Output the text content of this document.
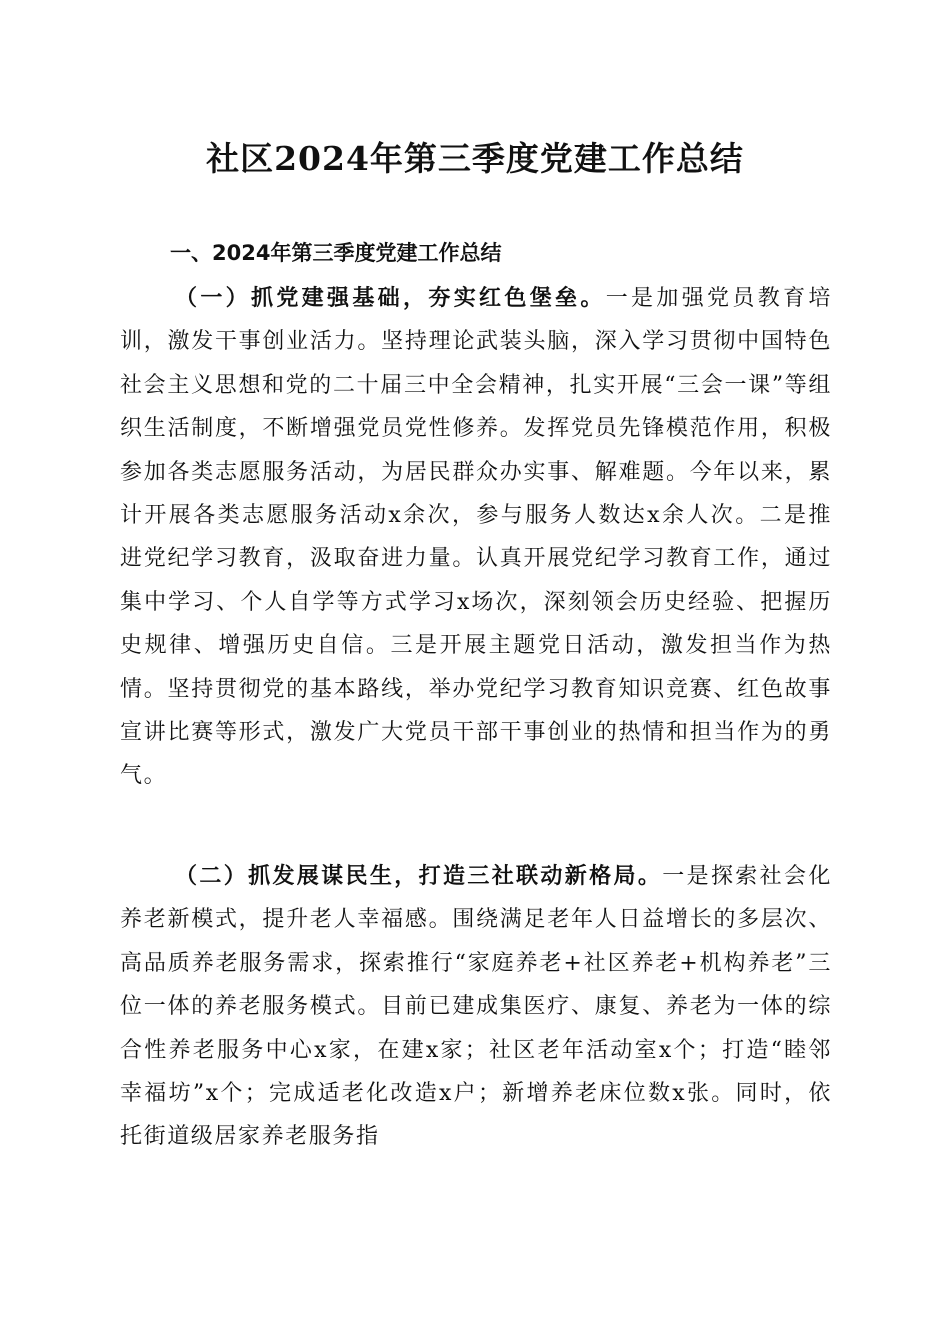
社区2024年第三季度党建工作总结
一、2024年第三季度党建工作总结

（一）抓党建强基础，夯实红色堡垒。一是加强党员教育培训，激发干事创业活力。坚持理论武装头脑，深入学习贯彻中国特色社会主义思想和党的二十届三中全会精神，扎实开展“三会一课”等组织生活制度，不断增强党员党性修养。发挥党员先锋模范作用，积极参加各类志愿服务活动，为居民群众办实事、解难题。今年以来，累计开展各类志愿服务活动x余次，参与服务人数达x余人次。二是推进党纪学习教育，汲取奋进力量。认真开展党纪学习教育工作，通过集中学习、个人自学等方式学习x场次，深刻领会历史经验、把握历史规律、增强历史自信。三是开展主题党日活动，激发担当作为热情。坚持贯彻党的基本路线，举办党纪学习教育知识竞赛、红色故事宣讲比赛等形式，激发广大党员干部干事创业的热情和担当作为的勇气。

（二）抓发展谋民生，打造三社联动新格局。一是探索社会化养老新模式，提升老人幸福感。围绕满足老年人日益增长的多层次、高品质养老服务需求，探索推行“家庭养老+社区养老+机构养老”三位一体的养老服务模式。目前已建成集医疗、康复、养老为一体的综合性养老服务中心x家，在建x家；社区老年活动室x个；打造“睦邻幸福坊”x个；完成适老化改造x户；新增养老床位数x张。同时，依托街道级居家养老服务指
